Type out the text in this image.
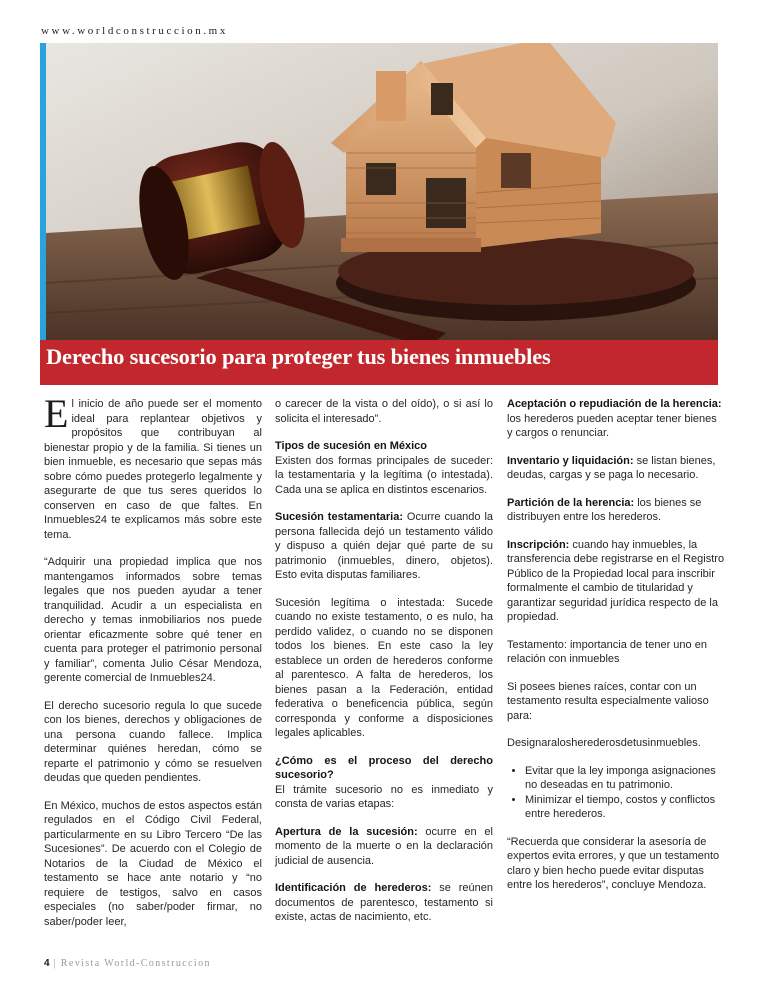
www.worldconstruccion.mx
Derecho sucesorio para proteger tus bienes inmuebles

El inicio de año puede ser el momento ideal para replantear objetivos y propósitos que contribuyan al bienestar propio y de la familia. Si tienes un bien inmueble, es necesario que sepas más sobre cómo puedes protegerlo legalmente y asegurarte de que tus seres queridos lo conserven en caso de que faltes. En Inmuebles24 te explicamos más sobre este tema.

“Adquirir una propiedad implica que nos mantengamos informados sobre temas legales que nos pueden ayudar a tener tranquilidad. Acudir a un especialista en derecho y temas inmobiliarios nos puede orientar eficazmente sobre qué tener en cuenta para proteger el patrimonio personal y familiar”, comenta Julio César Mendoza, gerente comercial de Inmuebles24.

El derecho sucesorio regula lo que sucede con los bienes, derechos y obligaciones de una persona cuando fallece. Implica determinar quiénes heredan, cómo se reparte el patrimonio y cómo se resuelven deudas que queden pendientes.

En México, muchos de estos aspectos están regulados en el Código Civil Federal, particularmente en su Libro Tercero “De las Sucesiones”. De acuerdo con el Colegio de Notarios de la Ciudad de México el testamento se hace ante notario y “no requiere de testigos, salvo en casos especiales (no saber/poder firmar, no saber/poder leer,

o carecer de la vista o del oído), o si así lo solicita el interesado”.

Tipos de sucesión en México
Existen dos formas principales de suceder: la testamentaria y la legítima (o intestada). Cada una se aplica en distintos escenarios.

Sucesión testamentaria: Ocurre cuando la persona fallecida dejó un testamento válido y dispuso a quién dejar qué parte de su patrimonio (inmuebles, dinero, objetos). Esto evita disputas familiares.

Sucesión legítima o intestada: Sucede cuando no existe testamento, o es nulo, ha perdido validez, o cuando no se disponen todos los bienes. En este caso la ley establece un orden de herederos conforme al parentesco. A falta de herederos, los bienes pasan a la Federación, entidad federativa o beneficencia pública, según corresponda y conforme a disposiciones legales aplicables.

¿Cómo es el proceso del derecho sucesorio?
El trámite sucesorio no es inmediato y consta de varias etapas:

Apertura de la sucesión: ocurre en el momento de la muerte o en la declaración judicial de ausencia.

Identificación de herederos: se reúnen documentos de parentesco, testamento si existe, actas de nacimiento, etc.

Aceptación o repudiación de la herencia: los herederos pueden aceptar tener bienes y cargos o renunciar.

Inventario y liquidación: se listan bienes, deudas, cargas y se paga lo necesario.

Partición de la herencia: los bienes se distribuyen entre los herederos.

Inscripción: cuando hay inmuebles, la transferencia debe registrarse en el Registro Público de la Propiedad local para inscribir formalmente el cambio de titularidad y garantizar seguridad jurídica respecto de la propiedad.

Testamento: importancia de tener uno en relación con inmuebles

Si posees bienes raíces, contar con un testamento resulta especialmente valioso para:

Designaralosherederosdetusinmuebles.

• Evitar que la ley imponga asignaciones no deseadas en tu patrimonio.
• Minimizar el tiempo, costos y conflictos entre herederos.

“Recuerda que considerar la asesoría de expertos evita errores, y que un testamento claro y bien hecho puede evitar disputas entre los herederos”, concluye Mendoza.

4 | Revista World-Construccion
